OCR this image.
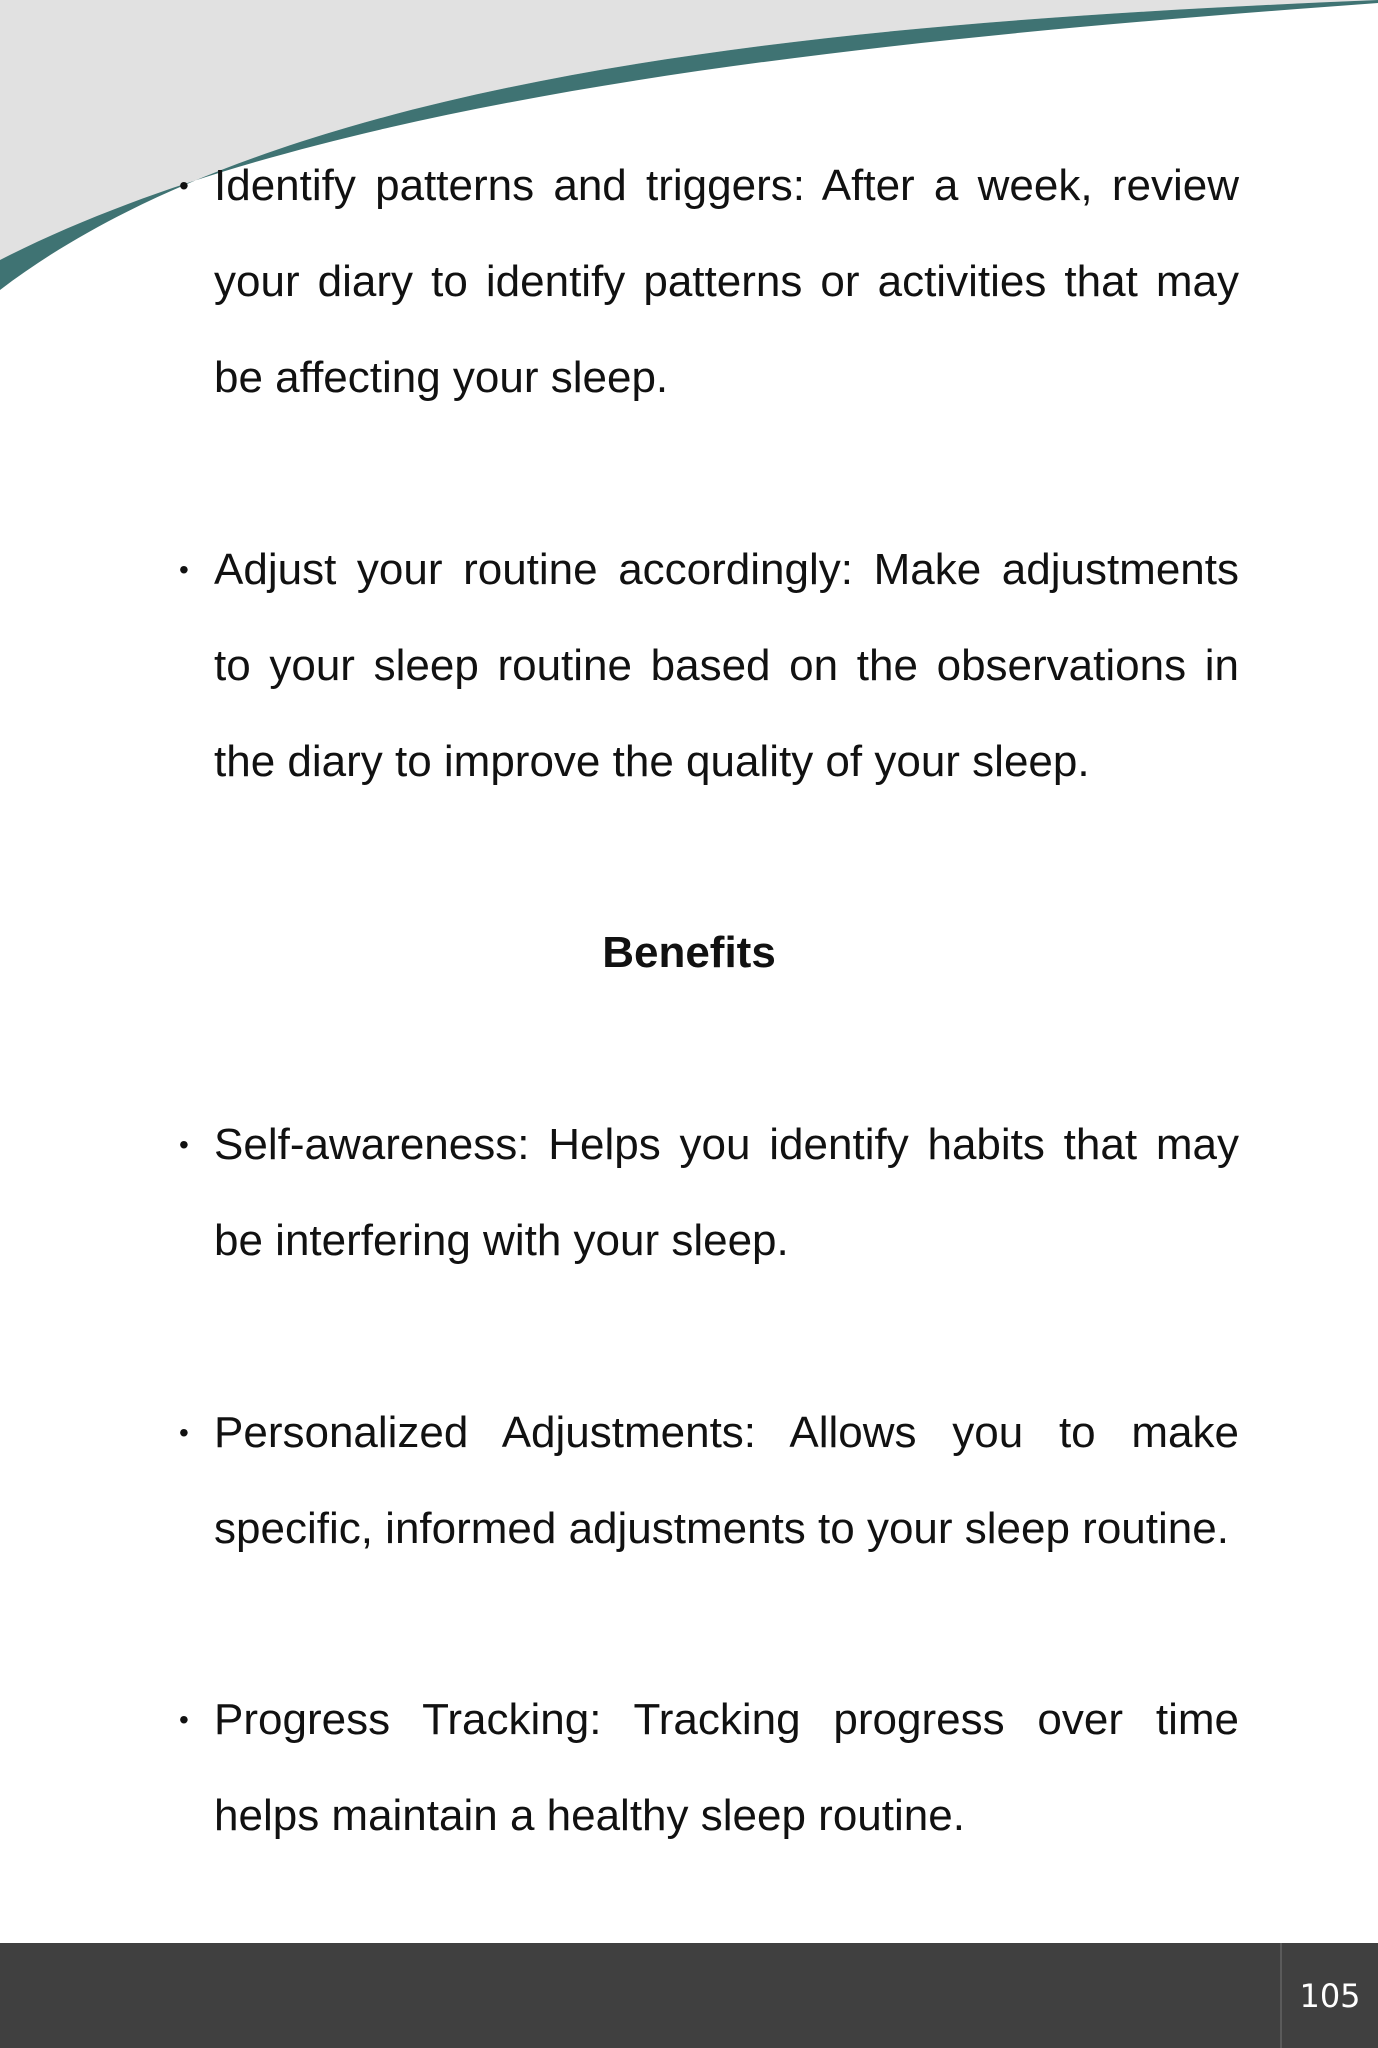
• Identify patterns and triggers: After a week, review your diary to identify patterns or activities that may be affecting your sleep.
• Adjust your routine accordingly: Make adjustments to your sleep routine based on the observations in the diary to improve the quality of your sleep.
Benefits
• Self-awareness: Helps you identify habits that may be interfering with your sleep.
• Personalized Adjustments: Allows you to make specific, informed adjustments to your sleep routine.
• Progress Tracking: Tracking progress over time helps maintain a healthy sleep routine.
105
